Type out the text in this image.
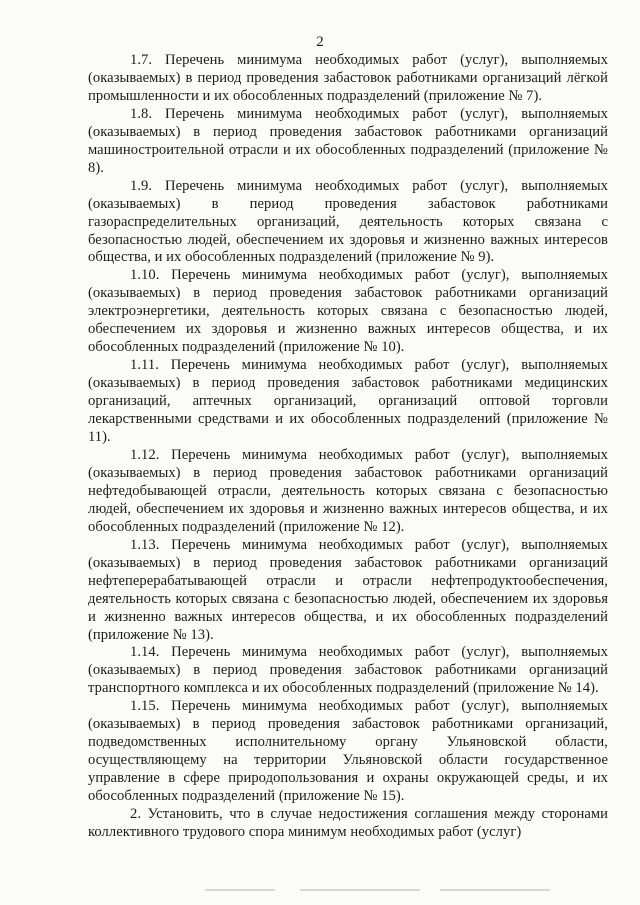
2

1.7. Перечень минимума необходимых работ (услуг), выполняемых (оказываемых) в период проведения забастовок работниками организаций лёгкой промышленности и их обособленных подразделений (приложение № 7).

1.8. Перечень минимума необходимых работ (услуг), выполняемых (оказываемых) в период проведения забастовок работниками организаций машиностроительной отрасли и их обособленных подразделений (приложение № 8).

1.9. Перечень минимума необходимых работ (услуг), выполняемых (оказываемых) в период проведения забастовок работниками газораспределительных организаций, деятельность которых связана с безопасностью людей, обеспечением их здоровья и жизненно важных интересов общества, и их обособленных подразделений (приложение № 9).

1.10. Перечень минимума необходимых работ (услуг), выполняемых (оказываемых) в период проведения забастовок работниками организаций электроэнергетики, деятельность которых связана с безопасностью людей, обеспечением их здоровья и жизненно важных интересов общества, и их обособленных подразделений (приложение № 10).

1.11. Перечень минимума необходимых работ (услуг), выполняемых (оказываемых) в период проведения забастовок работниками медицинских организаций, аптечных организаций, организаций оптовой торговли лекарственными средствами и их обособленных подразделений (приложение № 11).

1.12. Перечень минимума необходимых работ (услуг), выполняемых (оказываемых) в период проведения забастовок работниками организаций нефтедобывающей отрасли, деятельность которых связана с безопасностью людей, обеспечением их здоровья и жизненно важных интересов общества, и их обособленных подразделений (приложение № 12).

1.13. Перечень минимума необходимых работ (услуг), выполняемых (оказываемых) в период проведения забастовок работниками организаций нефтеперерабатывающей отрасли и отрасли нефтепродуктообеспечения, деятельность которых связана с безопасностью людей, обеспечением их здоровья и жизненно важных интересов общества, и их обособленных подразделений (приложение № 13).

1.14. Перечень минимума необходимых работ (услуг), выполняемых (оказываемых) в период проведения забастовок работниками организаций транспортного комплекса и их обособленных подразделений (приложение № 14).

1.15. Перечень минимума необходимых работ (услуг), выполняемых (оказываемых) в период проведения забастовок работниками организаций, подведомственных исполнительному органу Ульяновской области, осуществляющему на территории Ульяновской области государственное управление в сфере природопользования и охраны окружающей среды, и их обособленных подразделений (приложение № 15).

2. Установить, что в случае недостижения соглашения между сторонами коллективного трудового спора минимум необходимых работ (услуг)
